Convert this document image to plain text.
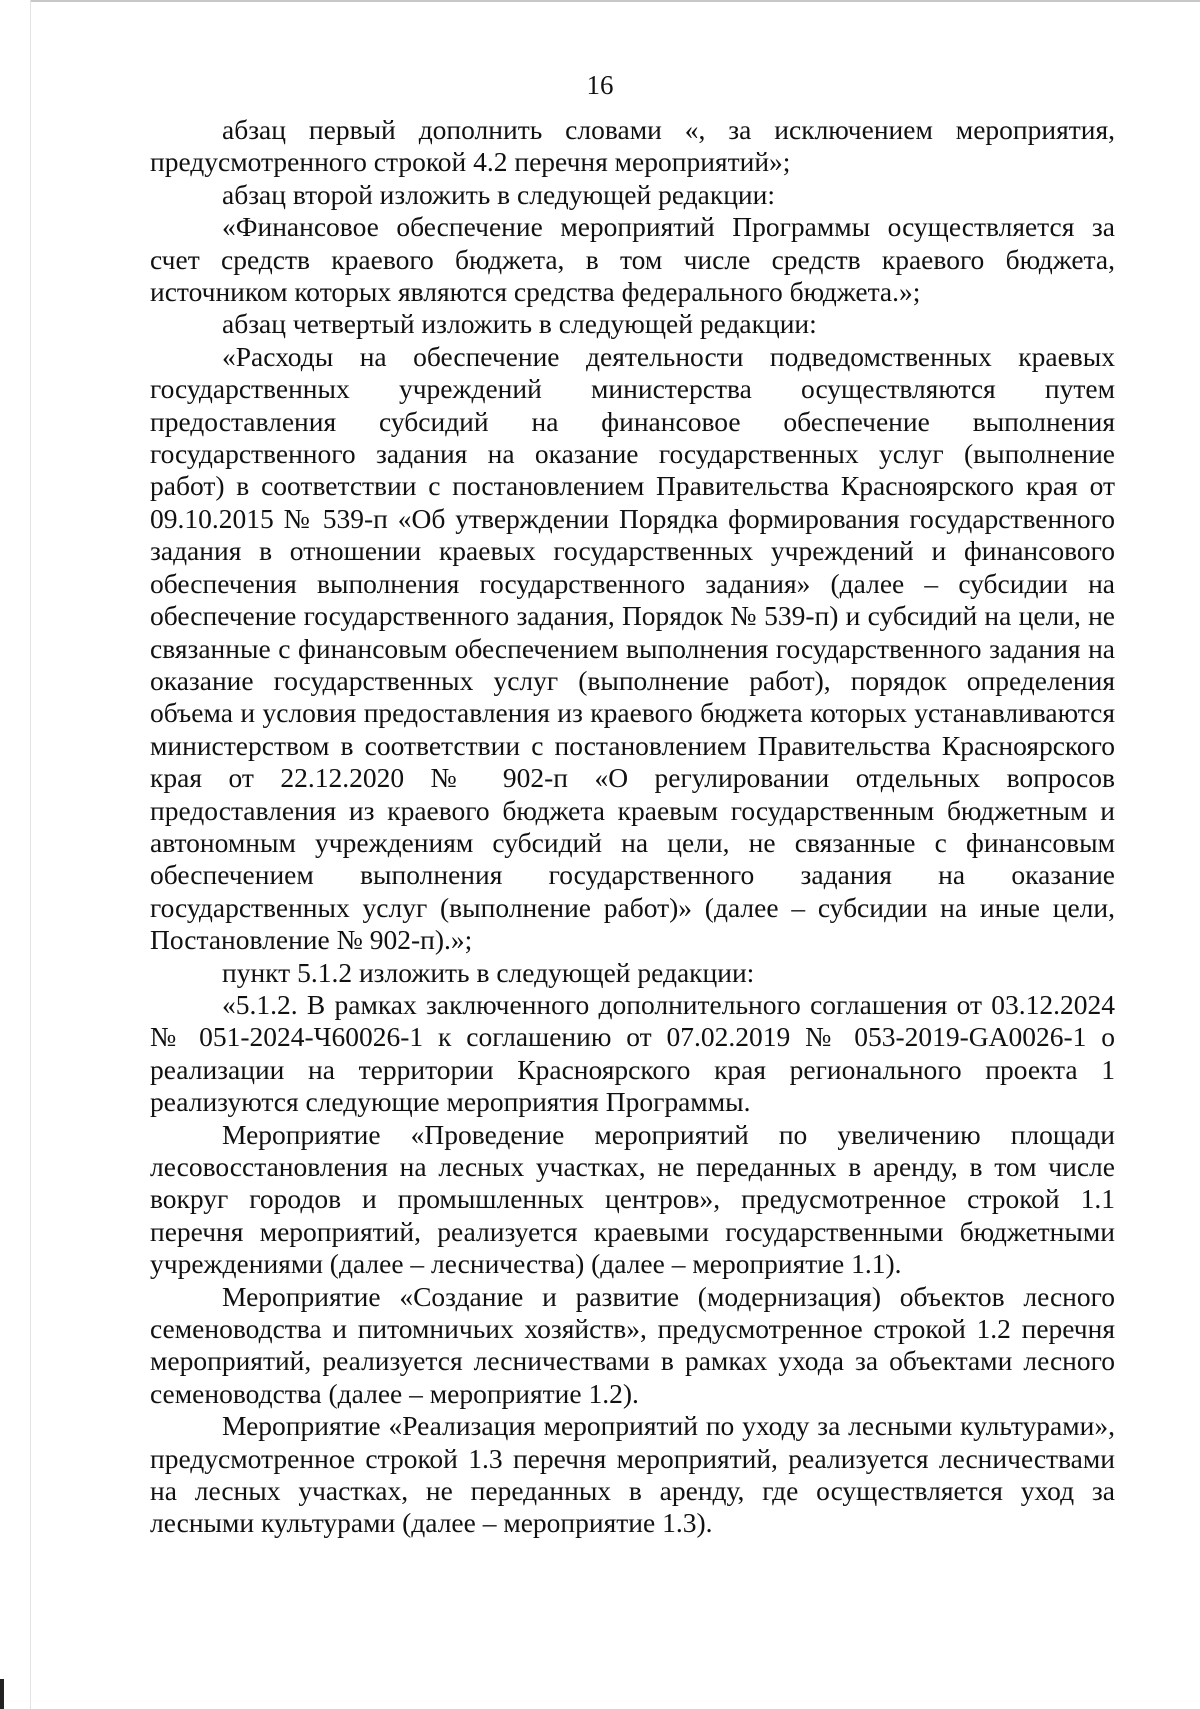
16

абзац первый дополнить словами «, за исключением мероприятия, предусмотренного строкой 4.2 перечня мероприятий»;

абзац второй изложить в следующей редакции:

«Финансовое обеспечение мероприятий Программы осуществляется за счет средств краевого бюджета, в том числе средств краевого бюджета, источником которых являются средства федерального бюджета.»;

абзац четвертый изложить в следующей редакции:

«Расходы на обеспечение деятельности подведомственных краевых государственных учреждений министерства осуществляются путем предоставления субсидий на финансовое обеспечение выполнения государственного задания на оказание государственных услуг (выполнение работ) в соответствии с постановлением Правительства Красноярского края от 09.10.2015 № 539-п «Об утверждении Порядка формирования государственного задания в отношении краевых государственных учреждений и финансового обеспечения выполнения государственного задания» (далее – субсидии на обеспечение государственного задания, Порядок № 539-п) и субсидий на цели, не связанные с финансовым обеспечением выполнения государственного задания на оказание государственных услуг (выполнение работ), порядок определения объема и условия предоставления из краевого бюджета которых устанавливаются министерством в соответствии с постановлением Правительства Красноярского края от 22.12.2020 № 902-п «О регулировании отдельных вопросов предоставления из краевого бюджета краевым государственным бюджетным и автономным учреждениям субсидий на цели, не связанные с финансовым обеспечением выполнения государственного задания на оказание государственных услуг (выполнение работ)» (далее – субсидии на иные цели, Постановление № 902-п).»;

пункт 5.1.2 изложить в следующей редакции:

«5.1.2. В рамках заключенного дополнительного соглашения от 03.12.2024 № 051-2024-Ч60026-1 к соглашению от 07.02.2019 № 053-2019-GA0026-1 о реализации на территории Красноярского края регионального проекта 1 реализуются следующие мероприятия Программы.

Мероприятие «Проведение мероприятий по увеличению площади лесовосстановления на лесных участках, не переданных в аренду, в том числе вокруг городов и промышленных центров», предусмотренное строкой 1.1 перечня мероприятий, реализуется краевыми государственными бюджетными учреждениями (далее – лесничества) (далее – мероприятие 1.1).

Мероприятие «Создание и развитие (модернизация) объектов лесного семеноводства и питомничьих хозяйств», предусмотренное строкой 1.2 перечня мероприятий, реализуется лесничествами в рамках ухода за объектами лесного семеноводства (далее – мероприятие 1.2).

Мероприятие «Реализация мероприятий по уходу за лесными культурами», предусмотренное строкой 1.3 перечня мероприятий, реализуется лесничествами на лесных участках, не переданных в аренду, где осуществляется уход за лесными культурами (далее – мероприятие 1.3).
